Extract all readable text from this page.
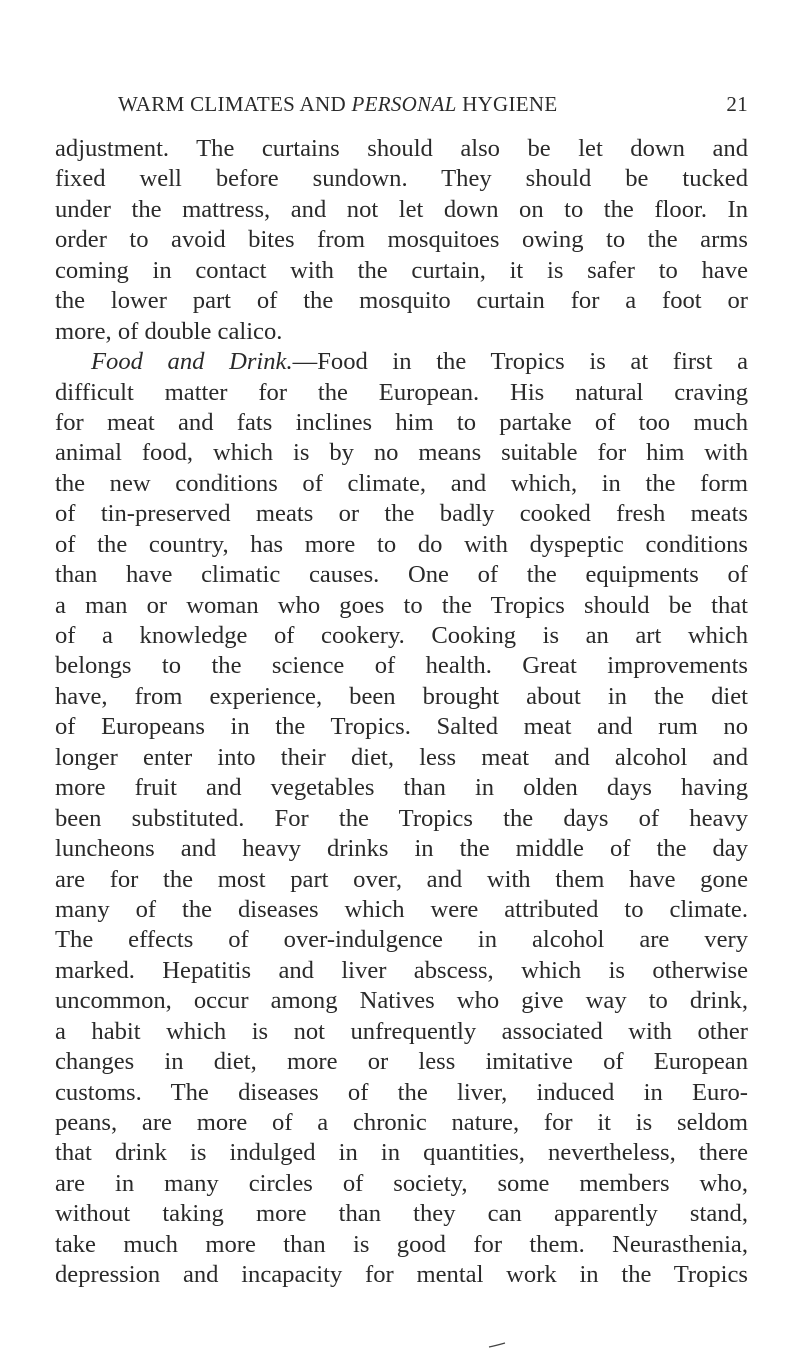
WARM CLIMATES AND PERSONAL HYGIENE	21
adjustment. The curtains should also be let down and
fixed well before sundown. They should be tucked
under the mattress, and not let down on to the floor. In
order to avoid bites from mosquitoes owing to the arms
coming in contact with the curtain, it is safer to have
the lower part of the mosquito curtain for a foot or
more, of double calico.
Food and Drink.—Food in the Tropics is at first a
difficult matter for the European. His natural craving
for meat and fats inclines him to partake of too much
animal food, which is by no means suitable for him with
the new conditions of climate, and which, in the form
of tin-preserved meats or the badly cooked fresh meats
of the country, has more to do with dyspeptic conditions
than have climatic causes. One of the equipments of
a man or woman who goes to the Tropics should be that
of a knowledge of cookery. Cooking is an art which
belongs to the science of health. Great improvements
have, from experience, been brought about in the diet
of Europeans in the Tropics. Salted meat and rum no
longer enter into their diet, less meat and alcohol and
more fruit and vegetables than in olden days having
been substituted. For the Tropics the days of heavy
luncheons and heavy drinks in the middle of the day
are for the most part over, and with them have gone
many of the diseases which were attributed to climate.
The effects of over-indulgence in alcohol are very
marked. Hepatitis and liver abscess, which is otherwise
uncommon, occur among Natives who give way to drink,
a habit which is not unfrequently associated with other
changes in diet, more or less imitative of European
customs. The diseases of the liver, induced in Euro-
peans, are more of a chronic nature, for it is seldom
that drink is indulged in in quantities, nevertheless, there
are in many circles of society, some members who,
without taking more than they can apparently stand,
take much more than is good for them. Neurasthenia,
depression and incapacity for mental work in the Tropics
